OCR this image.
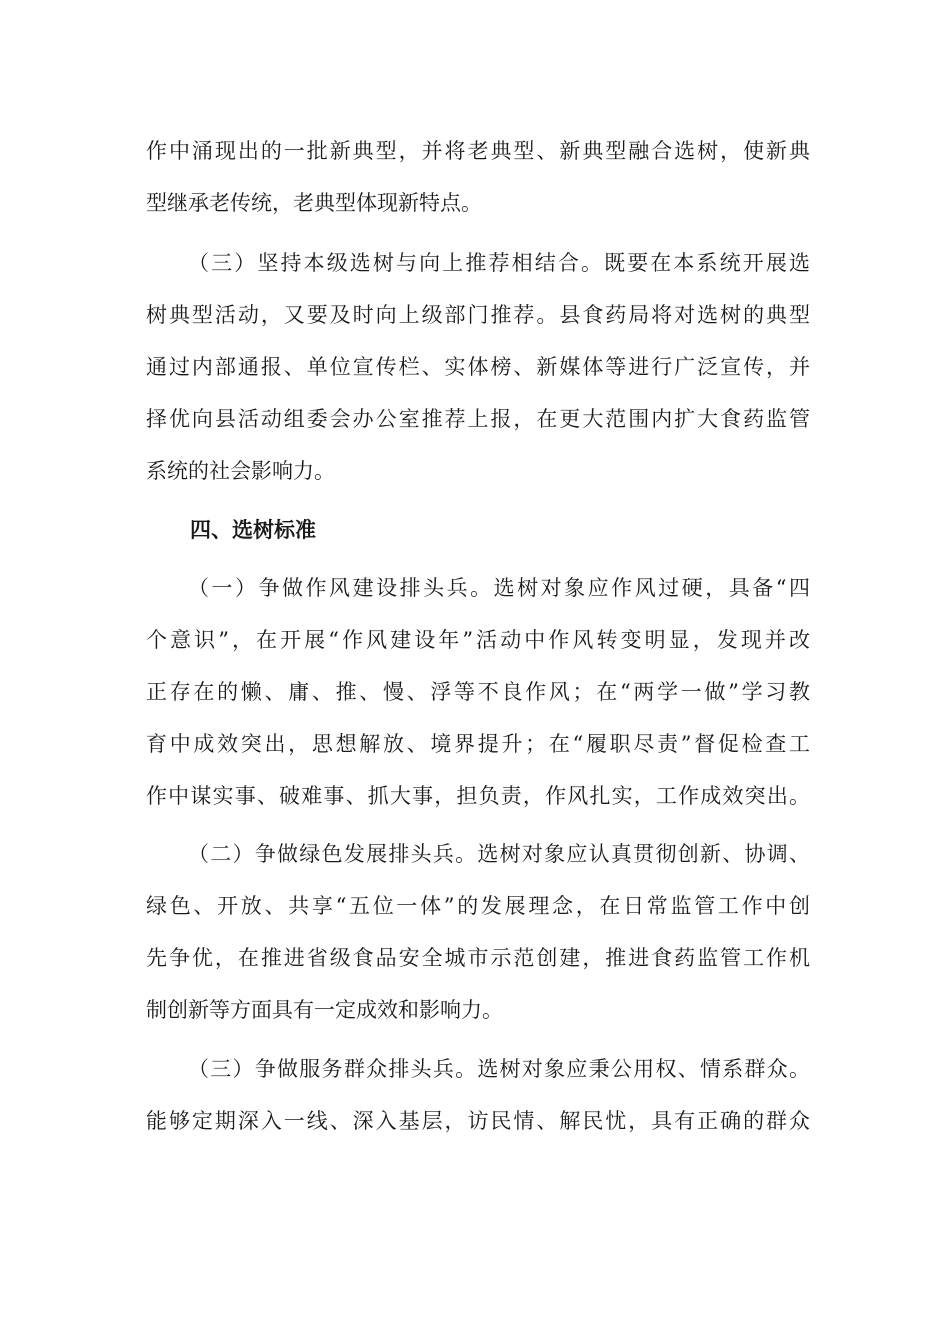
作中涌现出的一批新典型，并将老典型、新典型融合选树，使新典
型继承老传统，老典型体现新特点。
（三）坚持本级选树与向上推荐相结合。既要在本系统开展选
树典型活动，又要及时向上级部门推荐。县食药局将对选树的典型
通过内部通报、单位宣传栏、实体榜、新媒体等进行广泛宣传，并
择优向县活动组委会办公室推荐上报，在更大范围内扩大食药监管
系统的社会影响力。
四、选树标准
（一）争做作风建设排头兵。选树对象应作风过硬，具备“四
个意识”，在开展“作风建设年”活动中作风转变明显，发现并改
正存在的懒、庸、推、慢、浮等不良作风；在“两学一做”学习教
育中成效突出，思想解放、境界提升；在“履职尽责”督促检查工
作中谋实事、破难事、抓大事，担负责，作风扎实，工作成效突出。
（二）争做绿色发展排头兵。选树对象应认真贯彻创新、协调、
绿色、开放、共享“五位一体”的发展理念，在日常监管工作中创
先争优，在推进省级食品安全城市示范创建，推进食药监管工作机
制创新等方面具有一定成效和影响力。
（三）争做服务群众排头兵。选树对象应秉公用权、情系群众。
能够定期深入一线、深入基层，访民情、解民忧，具有正确的群众
